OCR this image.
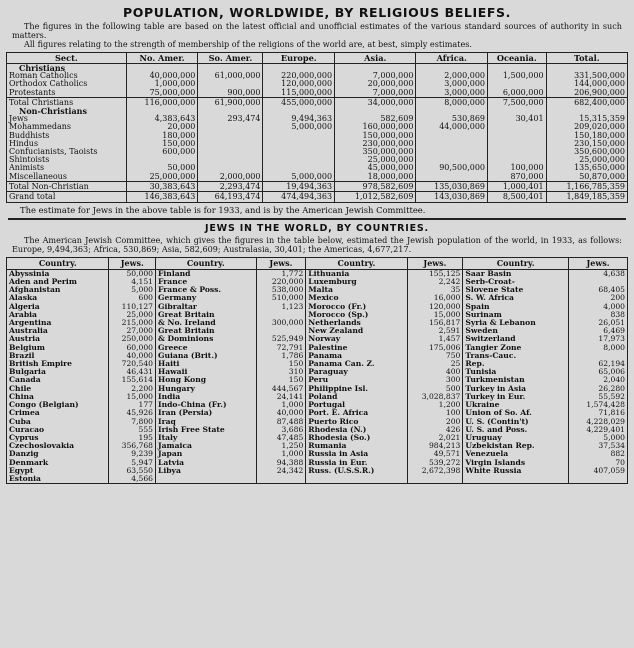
POPULATION, WORLDWIDE, BY RELIGIOUS BELIEFS.
The figures in the following table are based on the latest official and unofficial estimates of the various standard sources of authority in such matters.
All figures relating to the strength of membership of the religions of the world are, at best, simply estimates.
Sect.	No. Amer.	So. Amer.	Europe.	Asia.	Africa.	Oceania.	Total.
Christians							
Roman Catholics	40,000,000	61,000,000	220,000,000	7,000,000	2,000,000	1,500,000	331,500,000
Orthodox Catholics	1,000,000		120,000,000	20,000,000	3,000,000		144,000,000
Protestants	75,000,000	900,000	115,000,000	7,000,000	3,000,000	6,000,000	206,900,000
Total Christians	116,000,000	61,900,000	455,000,000	34,000,000	8,000,000	7,500,000	682,400,000
Non-Christians							
Jews	4,383,643	293,474	9,494,363	582,609	530,869	30,401	15,315,359
Mohammedans	20,000		5,000,000	160,000,000	44,000,000		209,020,000
Buddhists	180,000			150,000,000			150,180,000
Hindus	150,000			230,000,000			230,150,000
Confucianists, Taoists	600,000			350,000,000			350,600,000
Shintoists				25,000,000			25,000,000
Animists	50,000			45,000,000	90,500,000	100,000	135,650,000
Miscellaneous	25,000,000	2,000,000	5,000,000	18,000,000		870,000	50,870,000
Total Non-Christian	30,383,643	2,293,474	19,494,363	978,582,609	135,030,869	1,000,401	1,166,785,359
Grand total	146,383,643	64,193,474	474,494,363	1,012,582,609	143,030,869	8,500,401	1,849,185,359
The estimate for Jews in the above table is for 1933, and is by the American Jewish Committee.
JEWS IN THE WORLD, BY COUNTRIES.
The American Jewish Committee, which gives the figures in the table below, estimated the Jewish population of the world, in 1933, as follows: Europe, 9,494,363; Africa, 530,869; Asia, 582,609; Australasia, 30,401; the Americas, 4,677,217.
Country.	Jews.	Country.	Jews.	Country.	Jews.	Country.	Jews.
Abyssinia	50,000	Finland	1,772	Lithuania	155,125	Saar Basin	4,638
Aden and Perim	4,151	France	220,000	Luxemburg	2,242	Serb-Croat-	
Afghanistan	5,000	France & Poss.	538,000	Malta	35	Slovene State	68,405
Alaska	600	Germany	510,000	Mexico	16,000	S. W. Africa	200
Algeria	110,127	Gibraltar	1,123	Morocco (Fr.)	120,000	Spain	4,000
Arabia	25,000	Great Britain		Morocco (Sp.)	15,000	Surinam	838
Argentina	215,000	& No. Ireland	300,000	Netherlands	156,817	Syria & Lebanon	26,051
Australia	27,000	Great Britain		New Zealand	2,591	Sweden	6,469
Austria	250,000	& Dominions	525,949	Norway	1,457	Switzerland	17,973
Belgium	60,000	Greece	72,791	Palestine	175,006	Tangier Zone	8,000
Brazil	40,000	Guiana (Brit.)	1,786	Panama	750	Trans-Cauc.	
British Empire	720,540	Haiti	150	Panama Can. Z.	25	Rep.	62,194
Bulgaria	46,431	Hawaii	310	Paraguay	400	Tunisia	65,006
Canada	155,614	Hong Kong	150	Peru	300	Turkmenistan	2,040
Chile	2,200	Hungary	444,567	Philippine Isl.	500	Turkey in Asia	26,280
China	15,000	India	24,141	Poland	3,028,837	Turkey in Eur.	55,592
Congo (Belgian)	177	Indo-China (Fr.)	1,000	Portugal	1,200	Ukraine	1,574,428
Crimea	45,926	Iran (Persia)	40,000	Port. E. Africa	100	Union of So. Af.	71,816
Cuba	7,800	Iraq	87,488	Puerto Rico	200	U. S. (Contin't)	4,228,029
Curacao	555	Irish Free State	3,686	Rhodesia (N.)	426	U. S. and Poss.	4,229,401
Cyprus	195	Italy	47,485	Rhodesia (So.)	2,021	Uruguay	5,000
Czechoslovakia	356,768	Jamaica	1,250	Rumania	984,213	Uzbekistan Rep.	37,534
Danzig	9,239	Japan	1,000	Russia in Asia	49,571	Venezuela	882
Denmark	5,947	Latvia	94,388	Russia in Eur.	539,272	Virgin Islands	70
Egypt	63,550	Libya	24,342	Russ. (U.S.S.R.)	2,672,398	White Russia	407,059
Estonia	4,566						
